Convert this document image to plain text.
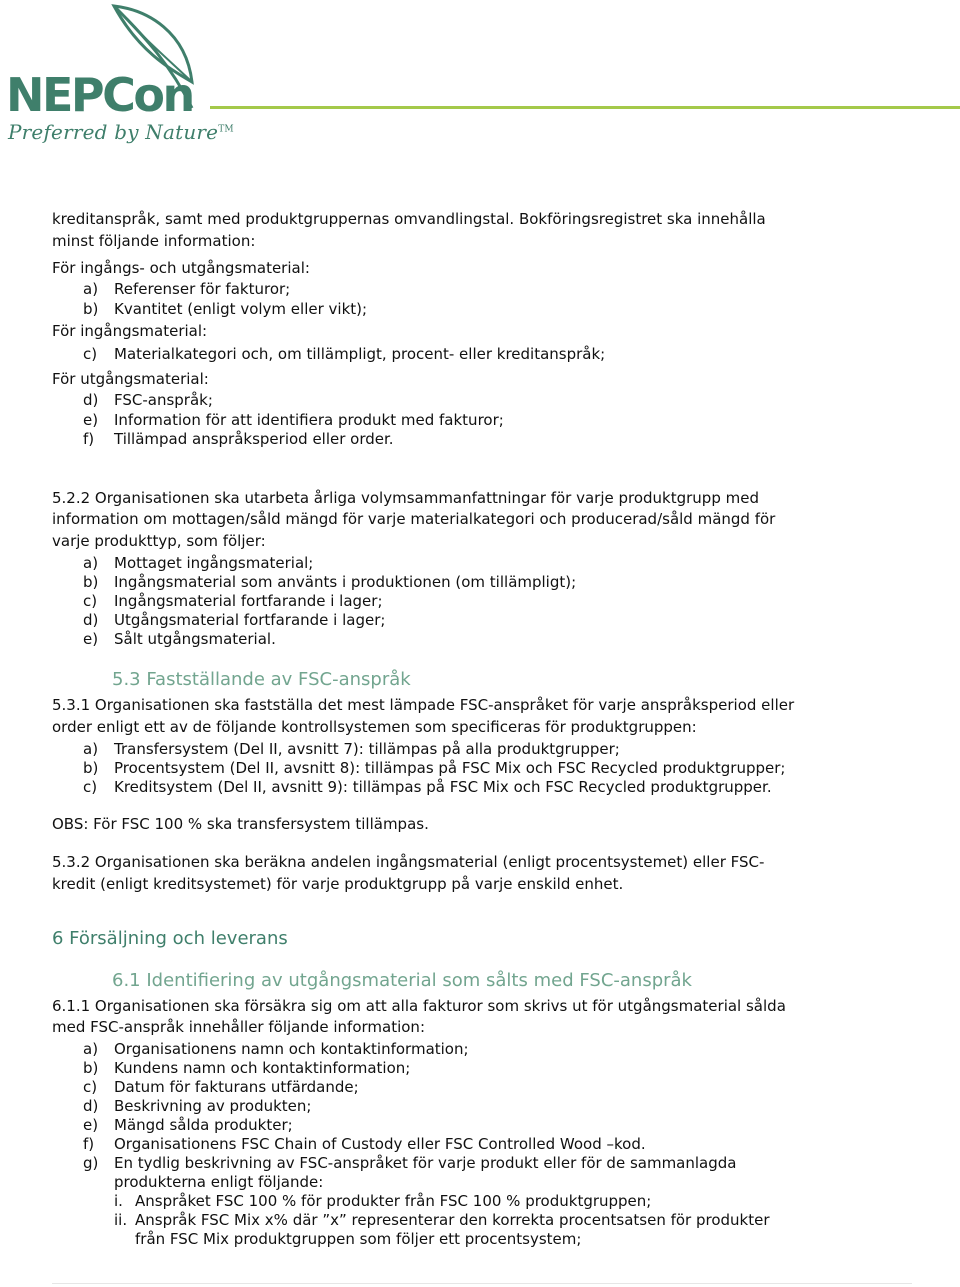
NEPCon
Preferred by Nature™

kreditanspråk, samt med produktgruppernas omvandlingstal. Bokföringsregistret ska innehålla

minst följande information:

För ingångs- och utgångsmaterial:

a) Referenser för fakturor;
b) Kvantitet (enligt volym eller vikt);

För ingångsmaterial:

c) Materialkategori och, om tillämpligt, procent- eller kreditanspråk;

För utgångsmaterial:

d) FSC-anspråk;
e) Information för att identifiera produkt med fakturor;
f) Tillämpad anspråksperiod eller order.

5.2.2 Organisationen ska utarbeta årliga volymsammanfattningar för varje produktgrupp med

information om mottagen/såld mängd för varje materialkategori och producerad/såld mängd för

varje produkttyp, som följer:

a) Mottaget ingångsmaterial;
b) Ingångsmaterial som använts i produktionen (om tillämpligt);
c) Ingångsmaterial fortfarande i lager;
d) Utgångsmaterial fortfarande i lager;
e) Sålt utgångsmaterial.
5.3 Fastställande av FSC-anspråk

5.3.1 Organisationen ska fastställa det mest lämpade FSC-anspråket för varje anspråksperiod eller

order enligt ett av de följande kontrollsystemen som specificeras för produktgruppen:

a) Transfersystem (Del II, avsnitt 7): tillämpas på alla produktgrupper;
b) Procentsystem (Del II, avsnitt 8): tillämpas på FSC Mix och FSC Recycled produktgrupper;
c) Kreditsystem (Del II, avsnitt 9): tillämpas på FSC Mix och FSC Recycled produktgrupper.

OBS: För FSC 100 % ska transfersystem tillämpas.

5.3.2 Organisationen ska beräkna andelen ingångsmaterial (enligt procentsystemet) eller FSC-

kredit (enligt kreditsystemet) för varje produktgrupp på varje enskild enhet.

6 Försäljning och leverans
6.1 Identifiering av utgångsmaterial som sålts med FSC-anspråk

6.1.1 Organisationen ska försäkra sig om att alla fakturor som skrivs ut för utgångsmaterial sålda

med FSC-anspråk innehåller följande information:

a) Organisationens namn och kontaktinformation;
b) Kundens namn och kontaktinformation;
c) Datum för fakturans utfärdande;
d) Beskrivning av produkten;
e) Mängd sålda produkter;
f) Organisationens FSC Chain of Custody eller FSC Controlled Wood –kod.
g) En tydlig beskrivning av FSC-anspråket för varje produkt eller för de sammanlagda
produkterna enligt följande:
i. Anspråket FSC 100 % för produkter från FSC 100 % produktgruppen;
ii. Anspråk FSC Mix x% där ”x” representerar den korrekta procentsatsen för produkter
från FSC Mix produktgruppen som följer ett procentsystem;
